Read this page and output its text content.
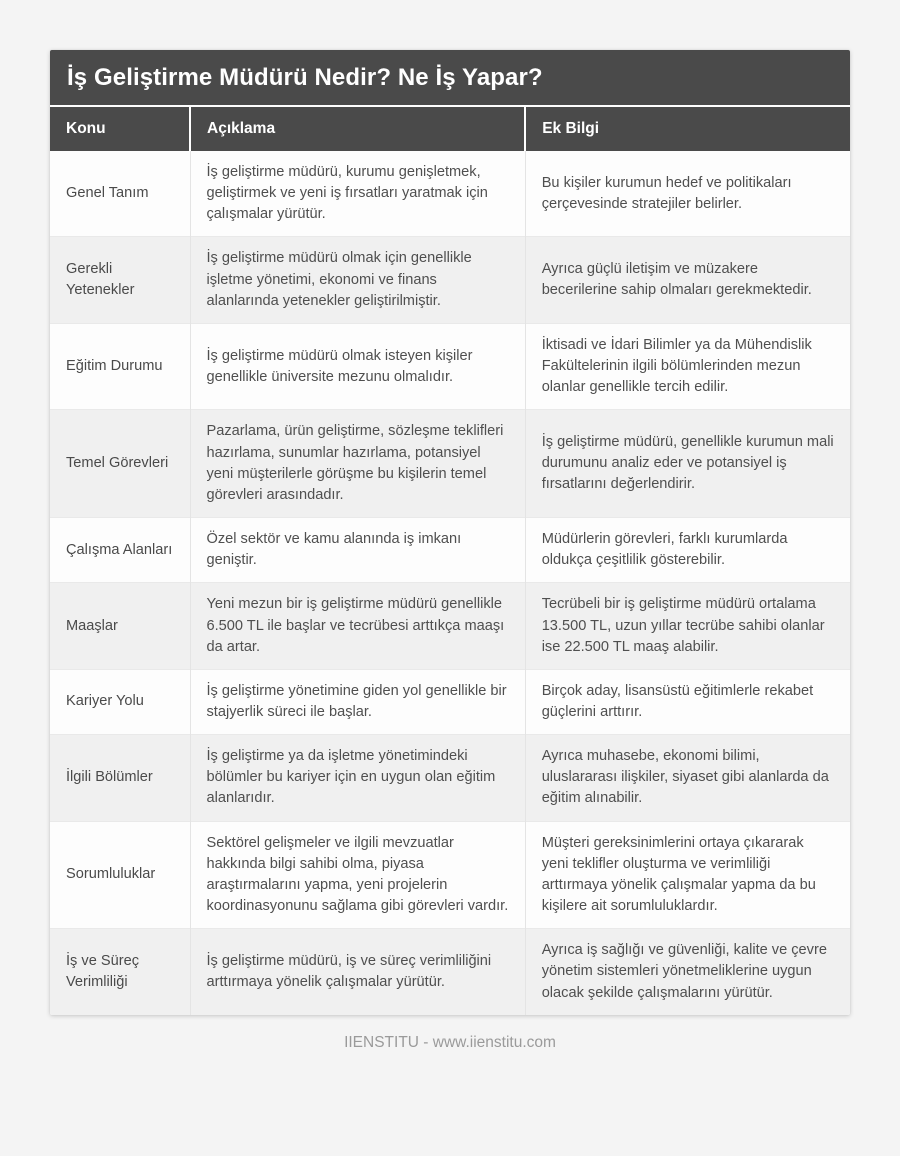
İş Geliştirme Müdürü Nedir? Ne İş Yapar?
Konu	Açıklama	Ek Bilgi
Genel Tanım	İş geliştirme müdürü, kurumu genişletmek, geliştirmek ve yeni iş fırsatları yaratmak için çalışmalar yürütür.	Bu kişiler kurumun hedef ve politikaları çerçevesinde stratejiler belirler.
Gerekli Yetenekler	İş geliştirme müdürü olmak için genellikle işletme yönetimi, ekonomi ve finans alanlarında yetenekler geliştirilmiştir.	Ayrıca güçlü iletişim ve müzakere becerilerine sahip olmaları gerekmektedir.
Eğitim Durumu	İş geliştirme müdürü olmak isteyen kişiler genellikle üniversite mezunu olmalıdır.	İktisadi ve İdari Bilimler ya da Mühendislik Fakültelerinin ilgili bölümlerinden mezun olanlar genellikle tercih edilir.
Temel Görevleri	Pazarlama, ürün geliştirme, sözleşme teklifleri hazırlama, sunumlar hazırlama, potansiyel yeni müşterilerle görüşme bu kişilerin temel görevleri arasındadır.	İş geliştirme müdürü, genellikle kurumun mali durumunu analiz eder ve potansiyel iş fırsatlarını değerlendirir.
Çalışma Alanları	Özel sektör ve kamu alanında iş imkanı geniştir.	Müdürlerin görevleri, farklı kurumlarda oldukça çeşitlilik gösterebilir.
Maaşlar	Yeni mezun bir iş geliştirme müdürü genellikle 6.500 TL ile başlar ve tecrübesi arttıkça maaşı da artar.	Tecrübeli bir iş geliştirme müdürü ortalama 13.500 TL, uzun yıllar tecrübe sahibi olanlar ise 22.500 TL maaş alabilir.
Kariyer Yolu	İş geliştirme yönetimine giden yol genellikle bir stajyerlik süreci ile başlar.	Birçok aday, lisansüstü eğitimlerle rekabet güçlerini arttırır.
İlgili Bölümler	İş geliştirme ya da işletme yönetimindeki bölümler bu kariyer için en uygun olan eğitim alanlarıdır.	Ayrıca muhasebe, ekonomi bilimi, uluslararası ilişkiler, siyaset gibi alanlarda da eğitim alınabilir.
Sorumluluklar	Sektörel gelişmeler ve ilgili mevzuatlar hakkında bilgi sahibi olma, piyasa araştırmalarını yapma, yeni projelerin koordinasyonunu sağlama gibi görevleri vardır.	Müşteri gereksinimlerini ortaya çıkararak yeni teklifler oluşturma ve verimliliği arttırmaya yönelik çalışmalar yapma da bu kişilere ait sorumluluklardır.
İş ve Süreç Verimliliği	İş geliştirme müdürü, iş ve süreç verimliliğini arttırmaya yönelik çalışmalar yürütür.	Ayrıca iş sağlığı ve güvenliği, kalite ve çevre yönetim sistemleri yönetmeliklerine uygun olacak şekilde çalışmalarını yürütür.
IIENSTITU - www.iienstitu.com
